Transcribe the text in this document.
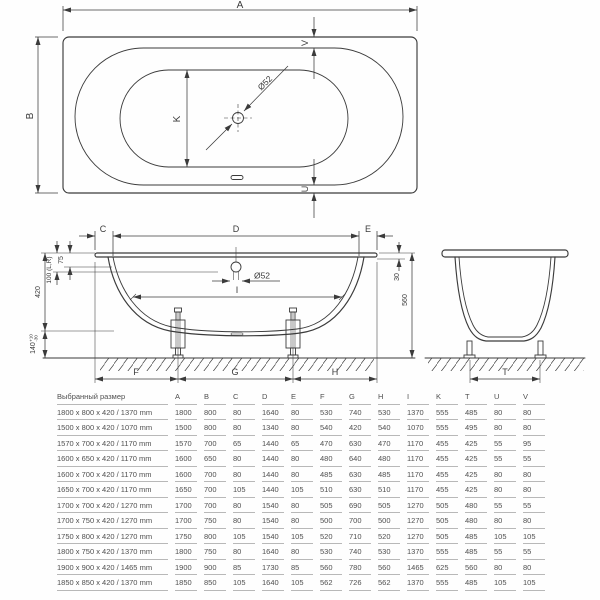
Ø52
A
B	K
V
U
C	D	E
75
100 (L,R)
420
$140^{+10}-30$
30
560
I
Ø52
F	G	H	T
Выбранный размер	A	B	C	D	E	F	G	H	I	K	T	U	V

1800 x 800 x 420 / 1370 mm	1800	800	80	1640	80	530	740	530	1370	555	485	80	80

1500 x 800 x 420 / 1070 mm	1500	800	80	1340	80	540	420	540	1070	555	495	80	80

1570 x 700 x 420 / 1170 mm	1570	700	65	1440	65	470	630	470	1170	455	425	55	95

1600 x 650 x 420 / 1170 mm	1600	650	80	1440	80	480	640	480	1170	455	425	55	55

1600 x 700 x 420 / 1170 mm	1600	700	80	1440	80	485	630	485	1170	455	425	80	80

1650 x 700 x 420 / 1170 mm	1650	700	105	1440	105	510	630	510	1170	455	425	80	80

1700 x 700 x 420 / 1270 mm	1700	700	80	1540	80	505	690	505	1270	505	480	55	55

1700 x 750 x 420 / 1270 mm	1700	750	80	1540	80	500	700	500	1270	505	480	80	80

1750 x 800 x 420 / 1270 mm	1750	800	105	1540	105	520	710	520	1270	505	485	105	105

1800 x 750 x 420 / 1370 mm	1800	750	80	1640	80	530	740	530	1370	555	485	55	55

1900 x 900 x 420 / 1465 mm	1900	900	85	1730	85	560	780	560	1465	625	560	80	80

1850 x 850 x 420 / 1370 mm	1850	850	105	1640	105	562	726	562	1370	555	485	105	105
